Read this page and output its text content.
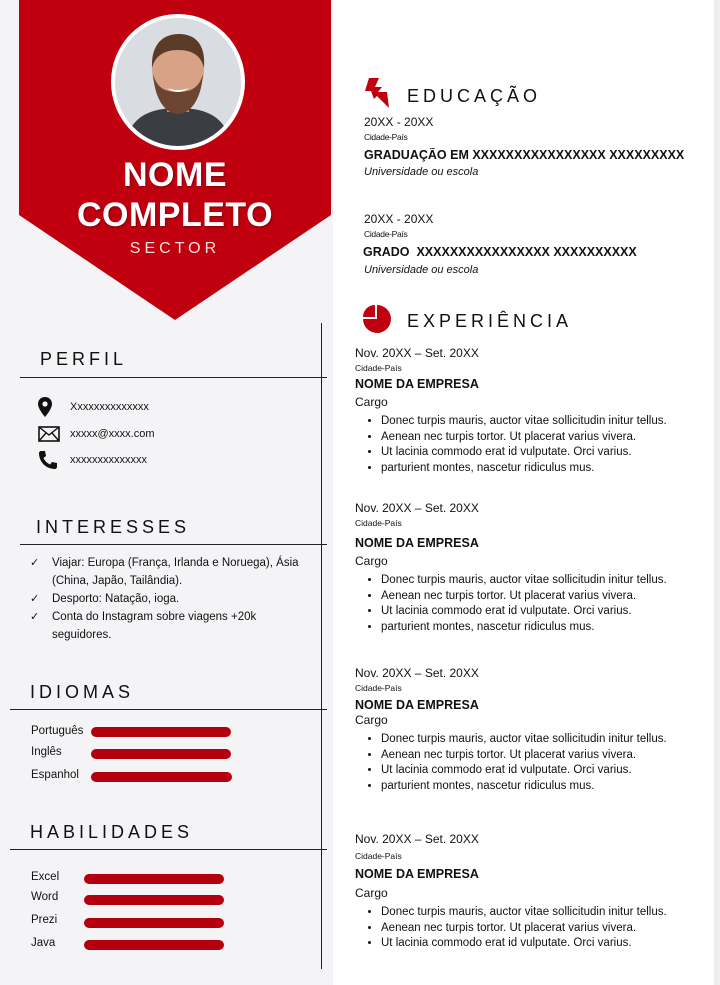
NOME
COMPLETO
SECTOR
PERFIL
Xxxxxxxxxxxxxx
xxxxx@xxxx.com
xxxxxxxxxxxxxx
INTERESSES
✓ Viajar: Europa (França, Irlanda e Noruega), Ásia (China, Japão, Tailândia).
✓ Desporto: Natação, ioga.
✓ Conta do Instagram sobre viagens +20k seguidores.
IDIOMAS
Português
Inglês
Espanhol
HABILIDADES
Excel
Word
Prezi
Java
EDUCAÇÃO
20XX - 20XX
Cidade-País
GRADUAÇÃO EM XXXXXXXXXXXXXXXX XXXXXXXXX
Universidade ou escola
20XX - 20XX
Cidade-País
GRADO  XXXXXXXXXXXXXXXX XXXXXXXXXX
Universidade ou escola
EXPERIÊNCIA
Nov. 20XX – Set. 20XX
Cidade-País
NOME DA EMPRESA
Cargo
• Donec turpis mauris, auctor vitae sollicitudin initur tellus.
• Aenean nec turpis tortor. Ut placerat varius vivera.
• Ut lacinia commodo erat id vulputate. Orci varius.
• parturient montes, nascetur ridiculus mus.
Nov. 20XX – Set. 20XX
Cidade-País
NOME DA EMPRESA
Cargo
• Donec turpis mauris, auctor vitae sollicitudin initur tellus.
• Aenean nec turpis tortor. Ut placerat varius vivera.
• Ut lacinia commodo erat id vulputate. Orci varius.
• parturient montes, nascetur ridiculus mus.
Nov. 20XX – Set. 20XX
Cidade-País
NOME DA EMPRESA
Cargo
• Donec turpis mauris, auctor vitae sollicitudin initur tellus.
• Aenean nec turpis tortor. Ut placerat varius vivera.
• Ut lacinia commodo erat id vulputate. Orci varius.
• parturient montes, nascetur ridiculus mus.
Nov. 20XX – Set. 20XX
Cidade-País
NOME DA EMPRESA
Cargo
• Donec turpis mauris, auctor vitae sollicitudin initur tellus.
• Aenean nec turpis tortor. Ut placerat varius vivera.
• Ut lacinia commodo erat id vulputate. Orci varius.
